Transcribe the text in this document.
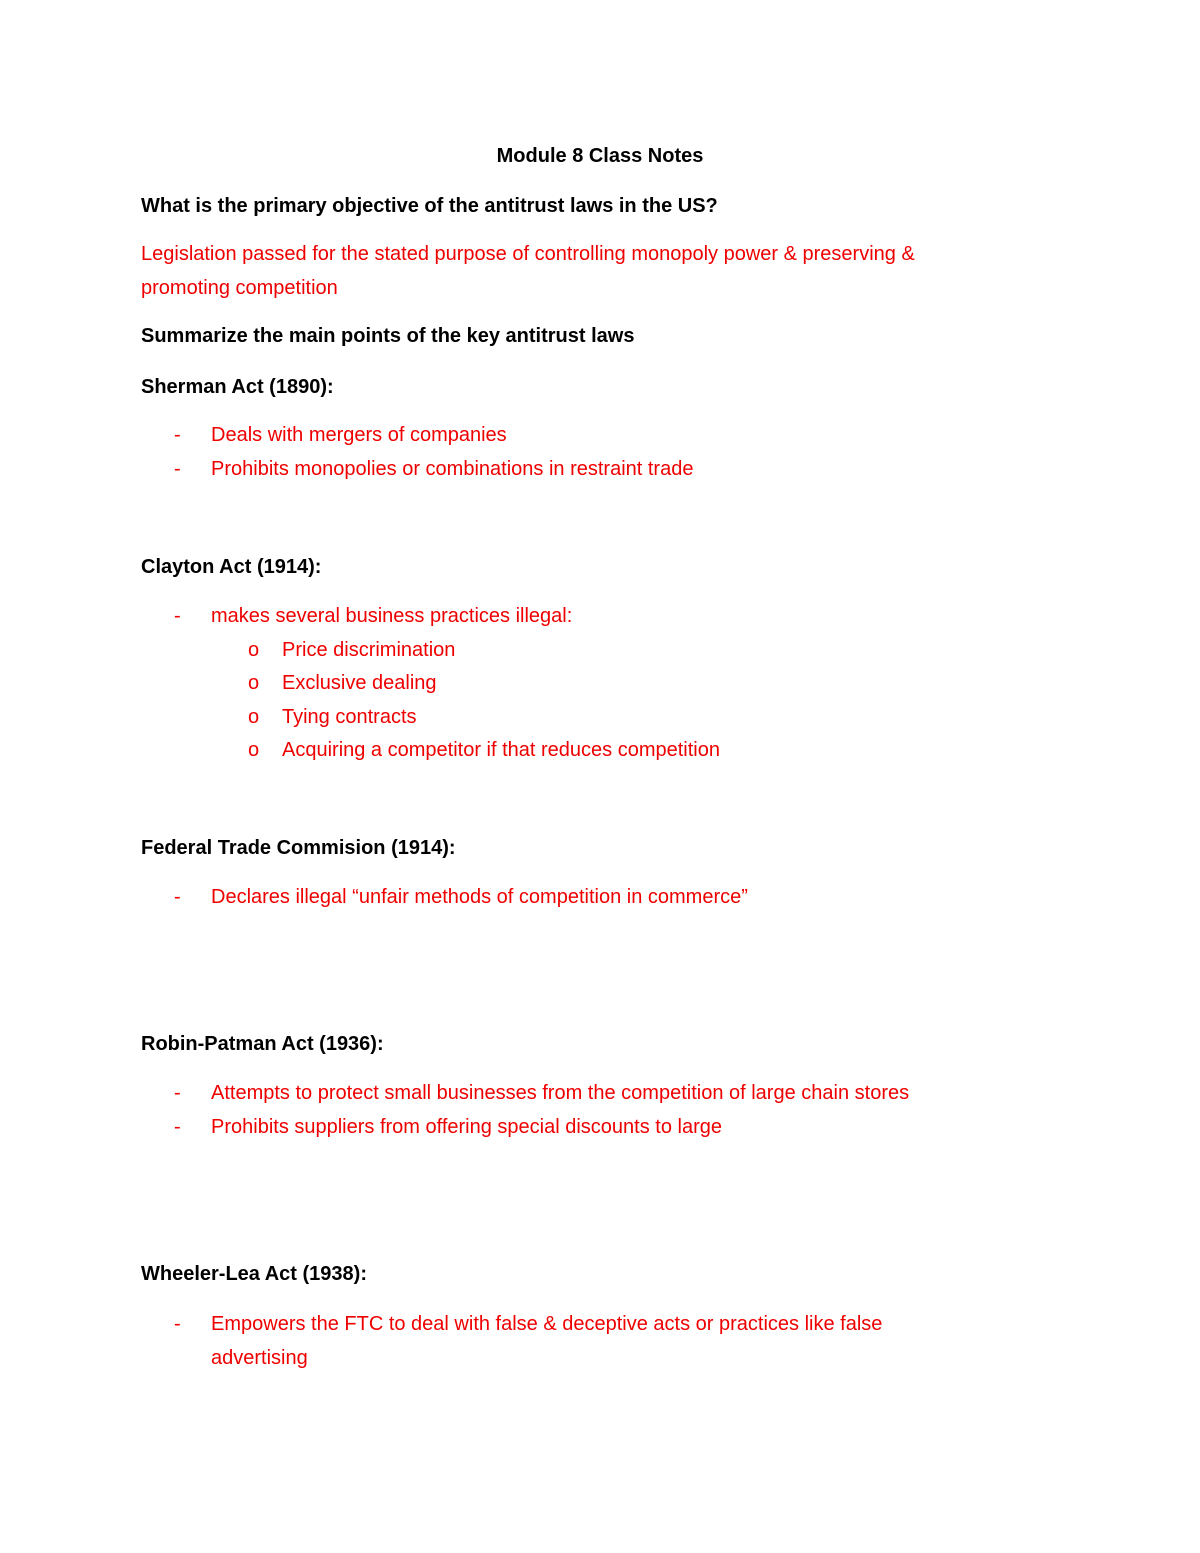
Module 8 Class Notes
What is the primary objective of the antitrust laws in the US?
Legislation passed for the stated purpose of controlling monopoly power & preserving &
promoting competition
Summarize the main points of the key antitrust laws
Sherman Act (1890):
- Deals with mergers of companies
- Prohibits monopolies or combinations in restraint trade
Clayton Act (1914):
- makes several business practices illegal:
o Price discrimination
o Exclusive dealing
o Tying contracts
o Acquiring a competitor if that reduces competition
Federal Trade Commision (1914):
- Declares illegal “unfair methods of competition in commerce”
Robin-Patman Act (1936):
- Attempts to protect small businesses from the competition of large chain stores
- Prohibits suppliers from offering special discounts to large
Wheeler-Lea Act (1938):
- Empowers the FTC to deal with false & deceptive acts or practices like false
advertising
